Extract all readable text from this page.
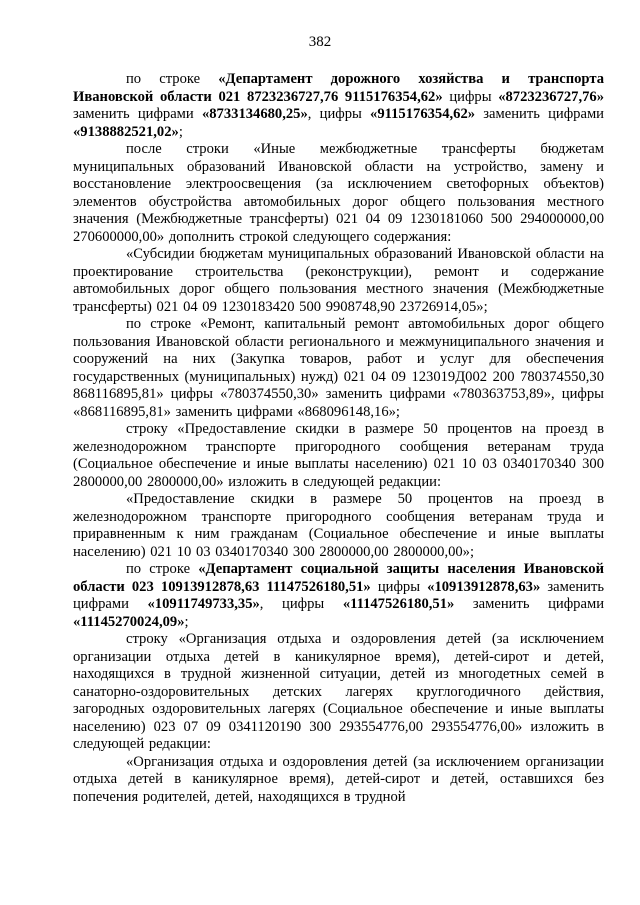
382

по строке «Департамент дорожного хозяйства и транспорта Ивановской области 021 8723236727,76 9115176354,62» цифры «8723236727,76» заменить цифрами «8733134680,25», цифры «9115176354,62» заменить цифрами «9138882521,02»;

после строки «Иные межбюджетные трансферты бюджетам муниципальных образований Ивановской области на устройство, замену и восстановление электроосвещения (за исключением светофорных объектов) элементов обустройства автомобильных дорог общего пользования местного значения (Межбюджетные трансферты) 021 04 09 1230181060 500 294000000,00 270600000,00» дополнить строкой следующего содержания:

«Субсидии бюджетам муниципальных образований Ивановской области на проектирование строительства (реконструкции), ремонт и содержание автомобильных дорог общего пользования местного значения (Межбюджетные трансферты) 021 04 09 1230183420 500 9908748,90 23726914,05»;

по строке «Ремонт, капитальный ремонт автомобильных дорог общего пользования Ивановской области регионального и межмуниципального значения и сооружений на них (Закупка товаров, работ и услуг для обеспечения государственных (муниципальных) нужд) 021 04 09 123019Д002 200 780374550,30 868116895,81» цифры «780374550,30» заменить цифрами «780363753,89», цифры «868116895,81» заменить цифрами «868096148,16»;

строку «Предоставление скидки в размере 50 процентов на проезд в железнодорожном транспорте пригородного сообщения ветеранам труда (Социальное обеспечение и иные выплаты населению) 021 10 03 0340170340 300 2800000,00 2800000,00» изложить в следующей редакции:

«Предоставление скидки в размере 50 процентов на проезд в железнодорожном транспорте пригородного сообщения ветеранам труда и приравненным к ним гражданам (Социальное обеспечение и иные выплаты населению) 021 10 03 0340170340 300 2800000,00 2800000,00»;

по строке «Департамент социальной защиты населения Ивановской области 023 10913912878,63 11147526180,51» цифры «10913912878,63» заменить цифрами «10911749733,35», цифры «11147526180,51» заменить цифрами «11145270024,09»;

строку «Организация отдыха и оздоровления детей (за исключением организации отдыха детей в каникулярное время), детей-сирот и детей, находящихся в трудной жизненной ситуации, детей из многодетных семей в санаторно-оздоровительных детских лагерях круглогодичного действия, загородных оздоровительных лагерях (Социальное обеспечение и иные выплаты населению) 023 07 09 0341120190 300 293554776,00 293554776,00» изложить в следующей редакции:

«Организация отдыха и оздоровления детей (за исключением организации отдыха детей в каникулярное время), детей-сирот и детей, оставшихся без попечения родителей, детей, находящихся в трудной
